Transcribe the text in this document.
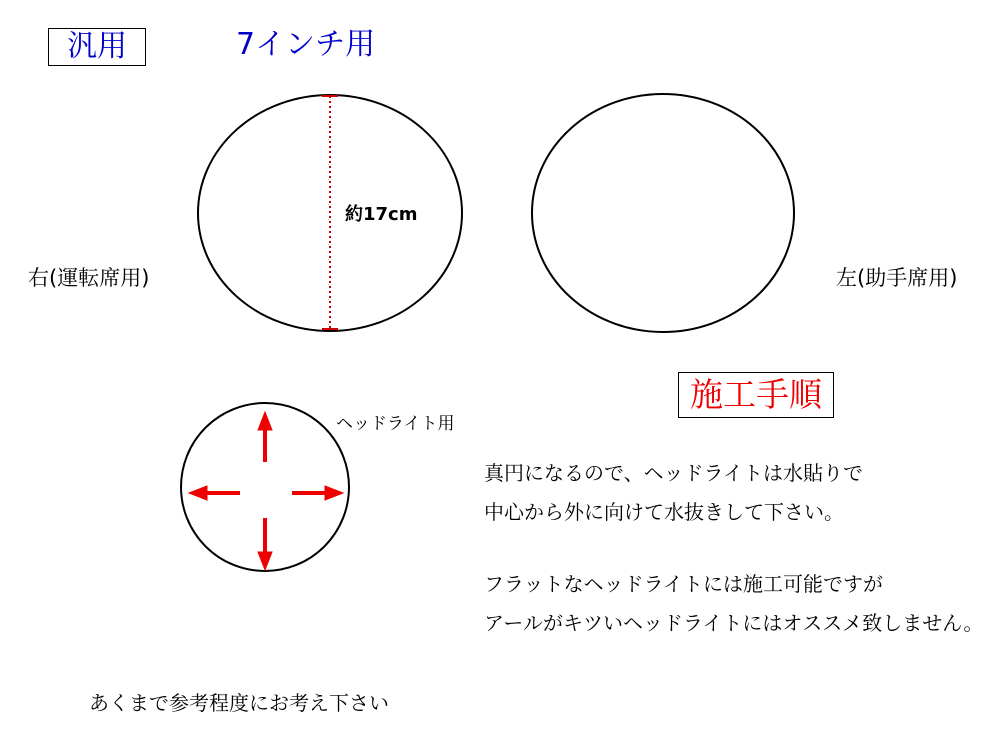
汎用	7インチ用
約17cm
右(運転席用)	左(助手席用)
ヘッドライト用
施工手順
真円になるので、ヘッドライトは水貼りで
中心から外に向けて水抜きして下さい。
フラットなヘッドライトには施工可能ですが
アールがキツいヘッドライトにはオススメ致しません。
あくまで参考程度にお考え下さい
